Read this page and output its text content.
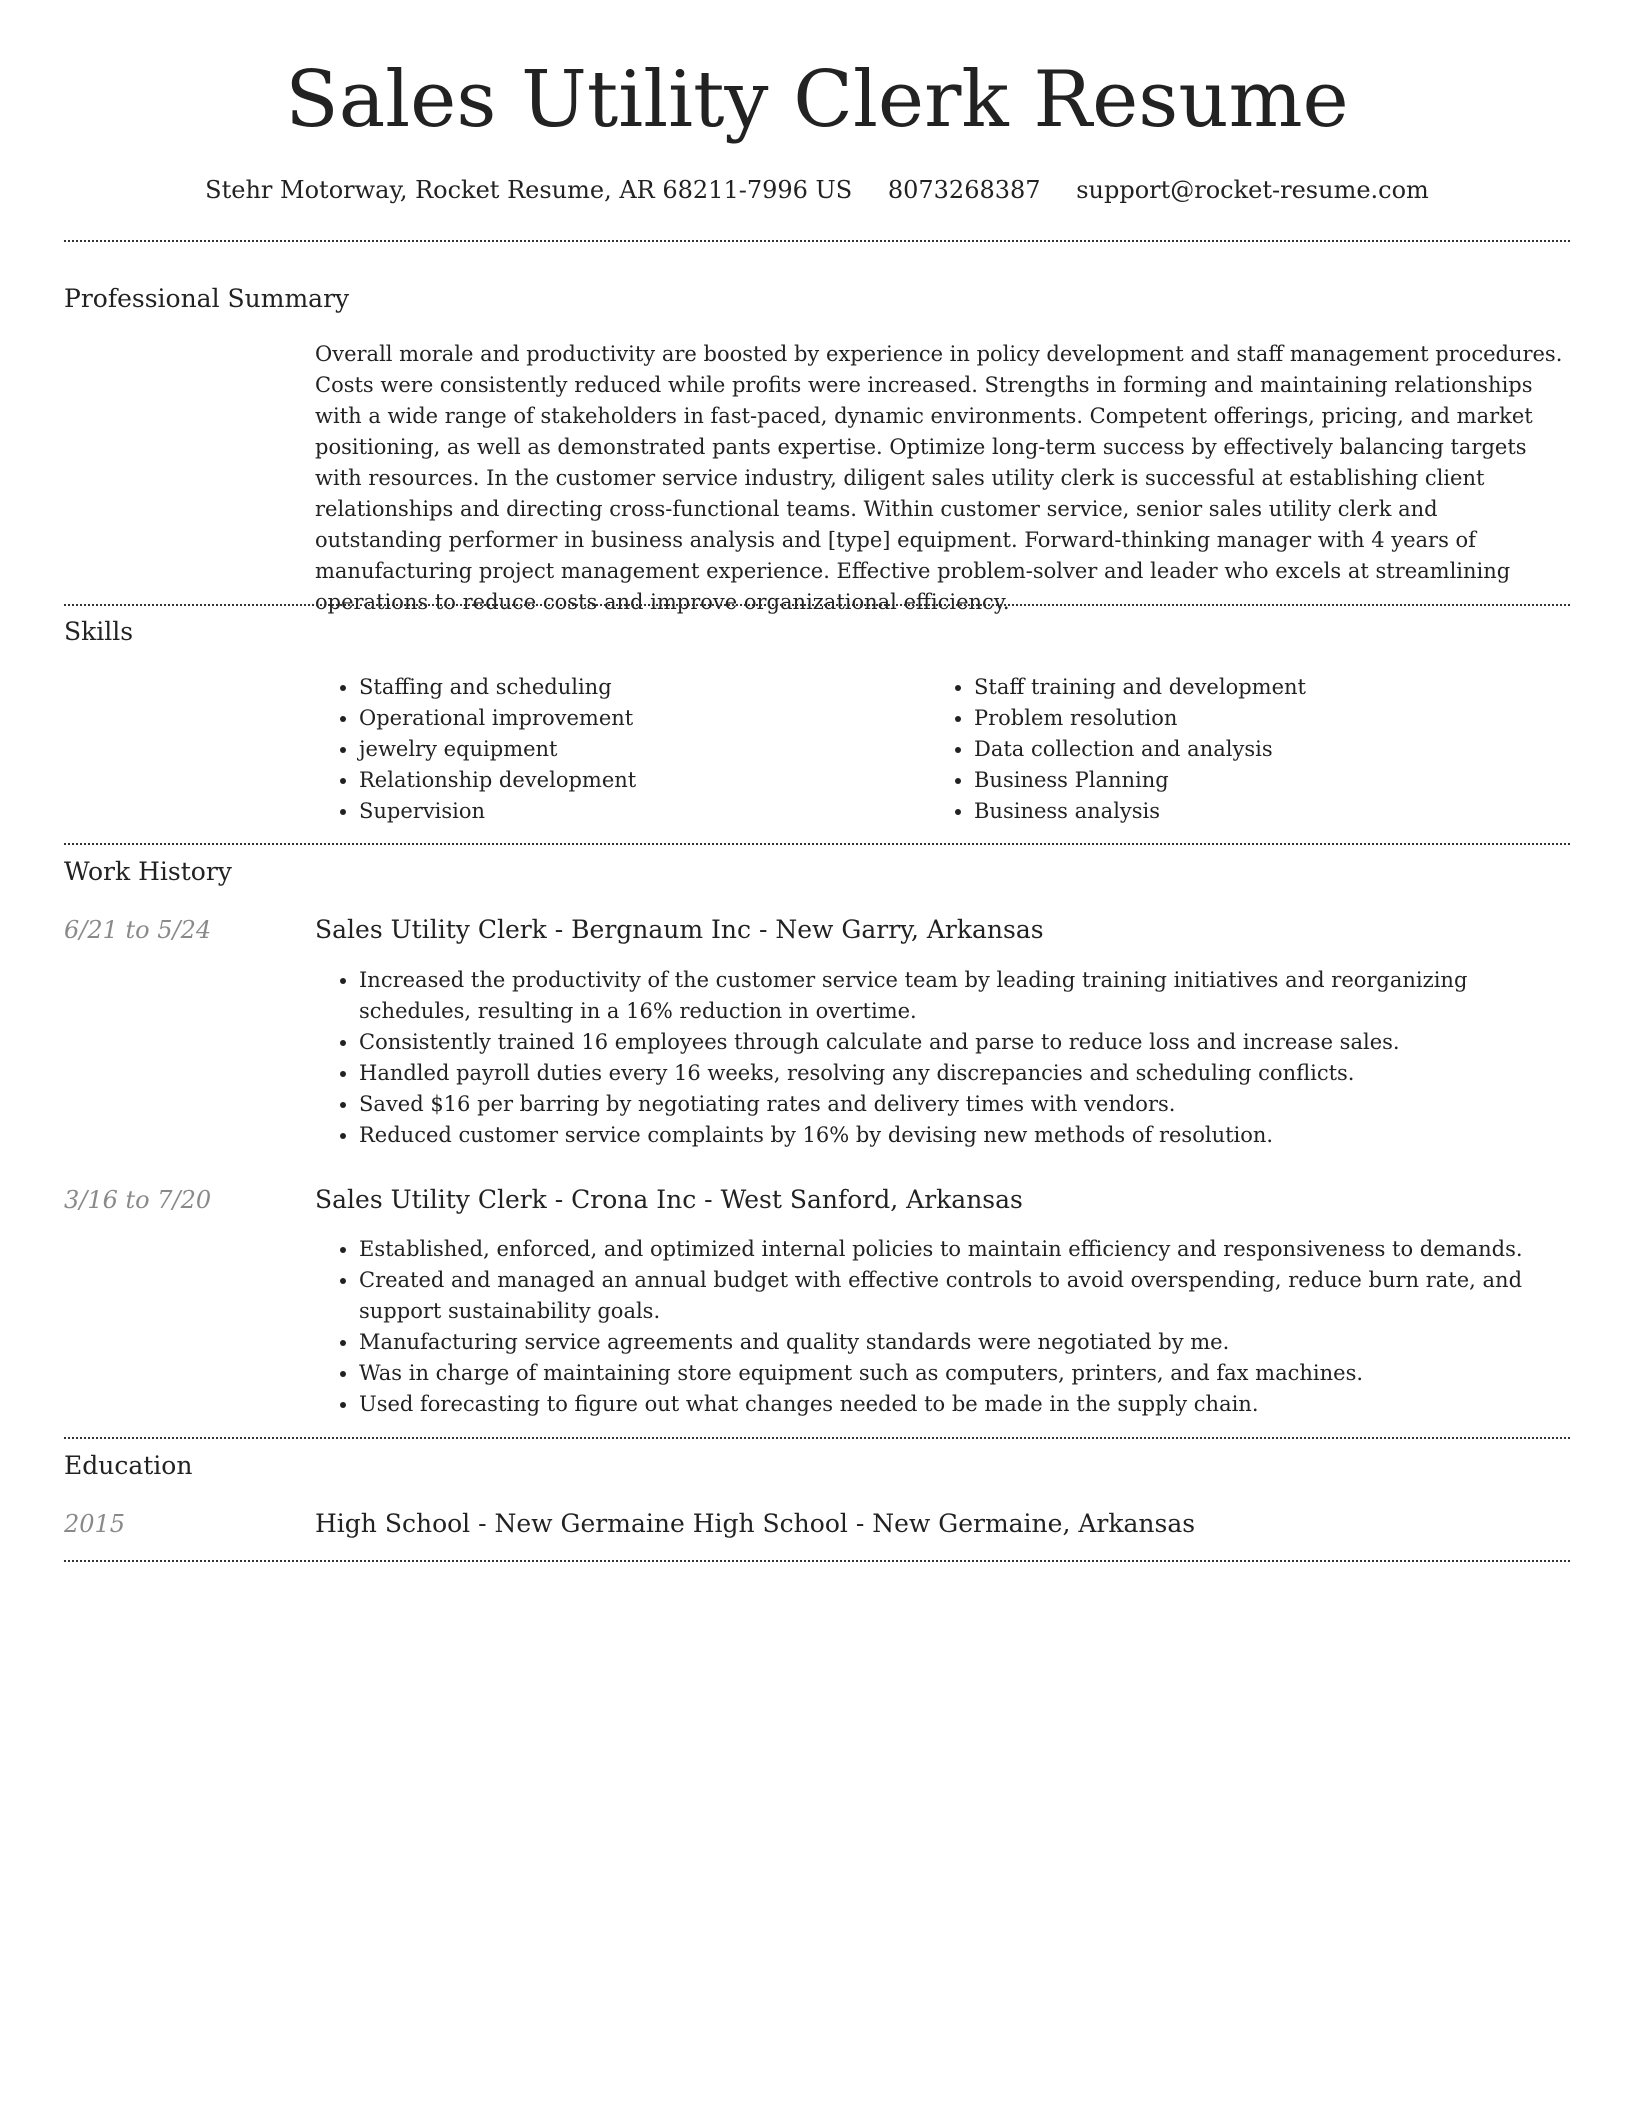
Sales Utility Clerk Resume
Stehr Motorway, Rocket Resume, AR 68211-7996 US 8073268387 support@rocket-resume.com
Professional Summary

Overall morale and productivity are boosted by experience in policy development and staff management procedures. Costs were consistently reduced while profits were increased. Strengths in forming and maintaining relationships with a wide range of stakeholders in fast-paced, dynamic environments. Competent offerings, pricing, and market positioning, as well as demonstrated pants expertise. Optimize long-term success by effectively balancing targets with resources. In the customer service industry, diligent sales utility clerk is successful at establishing client relationships and directing cross-functional teams. Within customer service, senior sales utility clerk and outstanding performer in business analysis and [type] equipment. Forward-thinking manager with 4 years of manufacturing project management experience. Effective problem-solver and leader who excels at streamlining operations to reduce costs and improve organizational efficiency.

Skills
• Staffing and scheduling
• Operational improvement
• jewelry equipment
• Relationship development
• Supervision
• Staff training and development
• Problem resolution
• Data collection and analysis
• Business Planning
• Business analysis
Work History
6/21 to 5/24	Sales Utility Clerk - Bergnaum Inc - New Garry, Arkansas
• Increased the productivity of the customer service team by leading training initiatives and reorganizing schedules, resulting in a 16% reduction in overtime.
• Consistently trained 16 employees through calculate and parse to reduce loss and increase sales.
• Handled payroll duties every 16 weeks, resolving any discrepancies and scheduling conflicts.
• Saved $16 per barring by negotiating rates and delivery times with vendors.
• Reduced customer service complaints by 16% by devising new methods of resolution.
3/16 to 7/20	Sales Utility Clerk - Crona Inc - West Sanford, Arkansas
• Established, enforced, and optimized internal policies to maintain efficiency and responsiveness to demands.
• Created and managed an annual budget with effective controls to avoid overspending, reduce burn rate, and support sustainability goals.
• Manufacturing service agreements and quality standards were negotiated by me.
• Was in charge of maintaining store equipment such as computers, printers, and fax machines.
• Used forecasting to figure out what changes needed to be made in the supply chain.
Education
2015	High School - New Germaine High School - New Germaine, Arkansas
